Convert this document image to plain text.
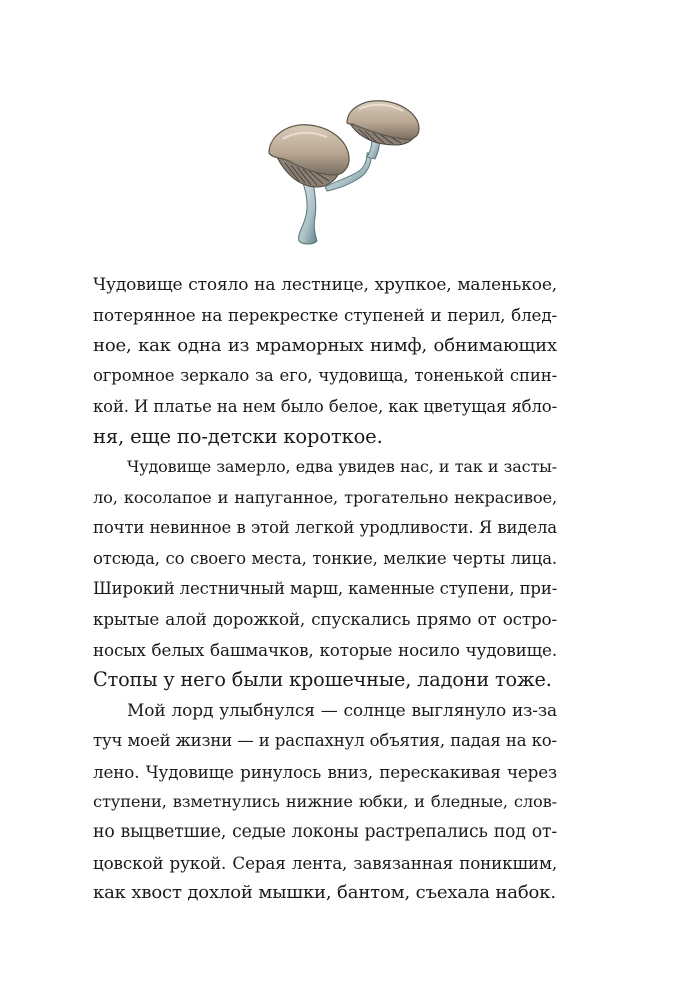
Чудовище стояло на лестнице, хрупкое, маленькое,
потерянное на перекрестке ступеней и перил, блед-
ное, как одна из мраморных нимф, обнимающих
огромное зеркало за его, чудовища, тоненькой спин-
кой. И платье на нем было белое, как цветущая ябло-
ня, еще по-детски короткое.

Чудовище замерло, едва увидев нас, и так и засты-
ло, косолапое и напуганное, трогательно некрасивое,
почти невинное в этой легкой уродливости. Я видела
отсюда, со своего места, тонкие, мелкие черты лица.
Широкий лестничный марш, каменные ступени, при-
крытые алой дорожкой, спускались прямо от остро-
носых белых башмачков, которые носило чудовище.
Стопы у него были крошечные, ладони тоже.

Мой лорд улыбнулся — солнце выглянуло из-за
туч моей жизни — и распахнул объятия, падая на ко-
лено. Чудовище ринулось вниз, перескакивая через
ступени, взметнулись нижние юбки, и бледные, слов-
но выцветшие, седые локоны растрепались под от-
цовской рукой. Серая лента, завязанная поникшим,
как хвост дохлой мышки, бантом, съехала набок.
